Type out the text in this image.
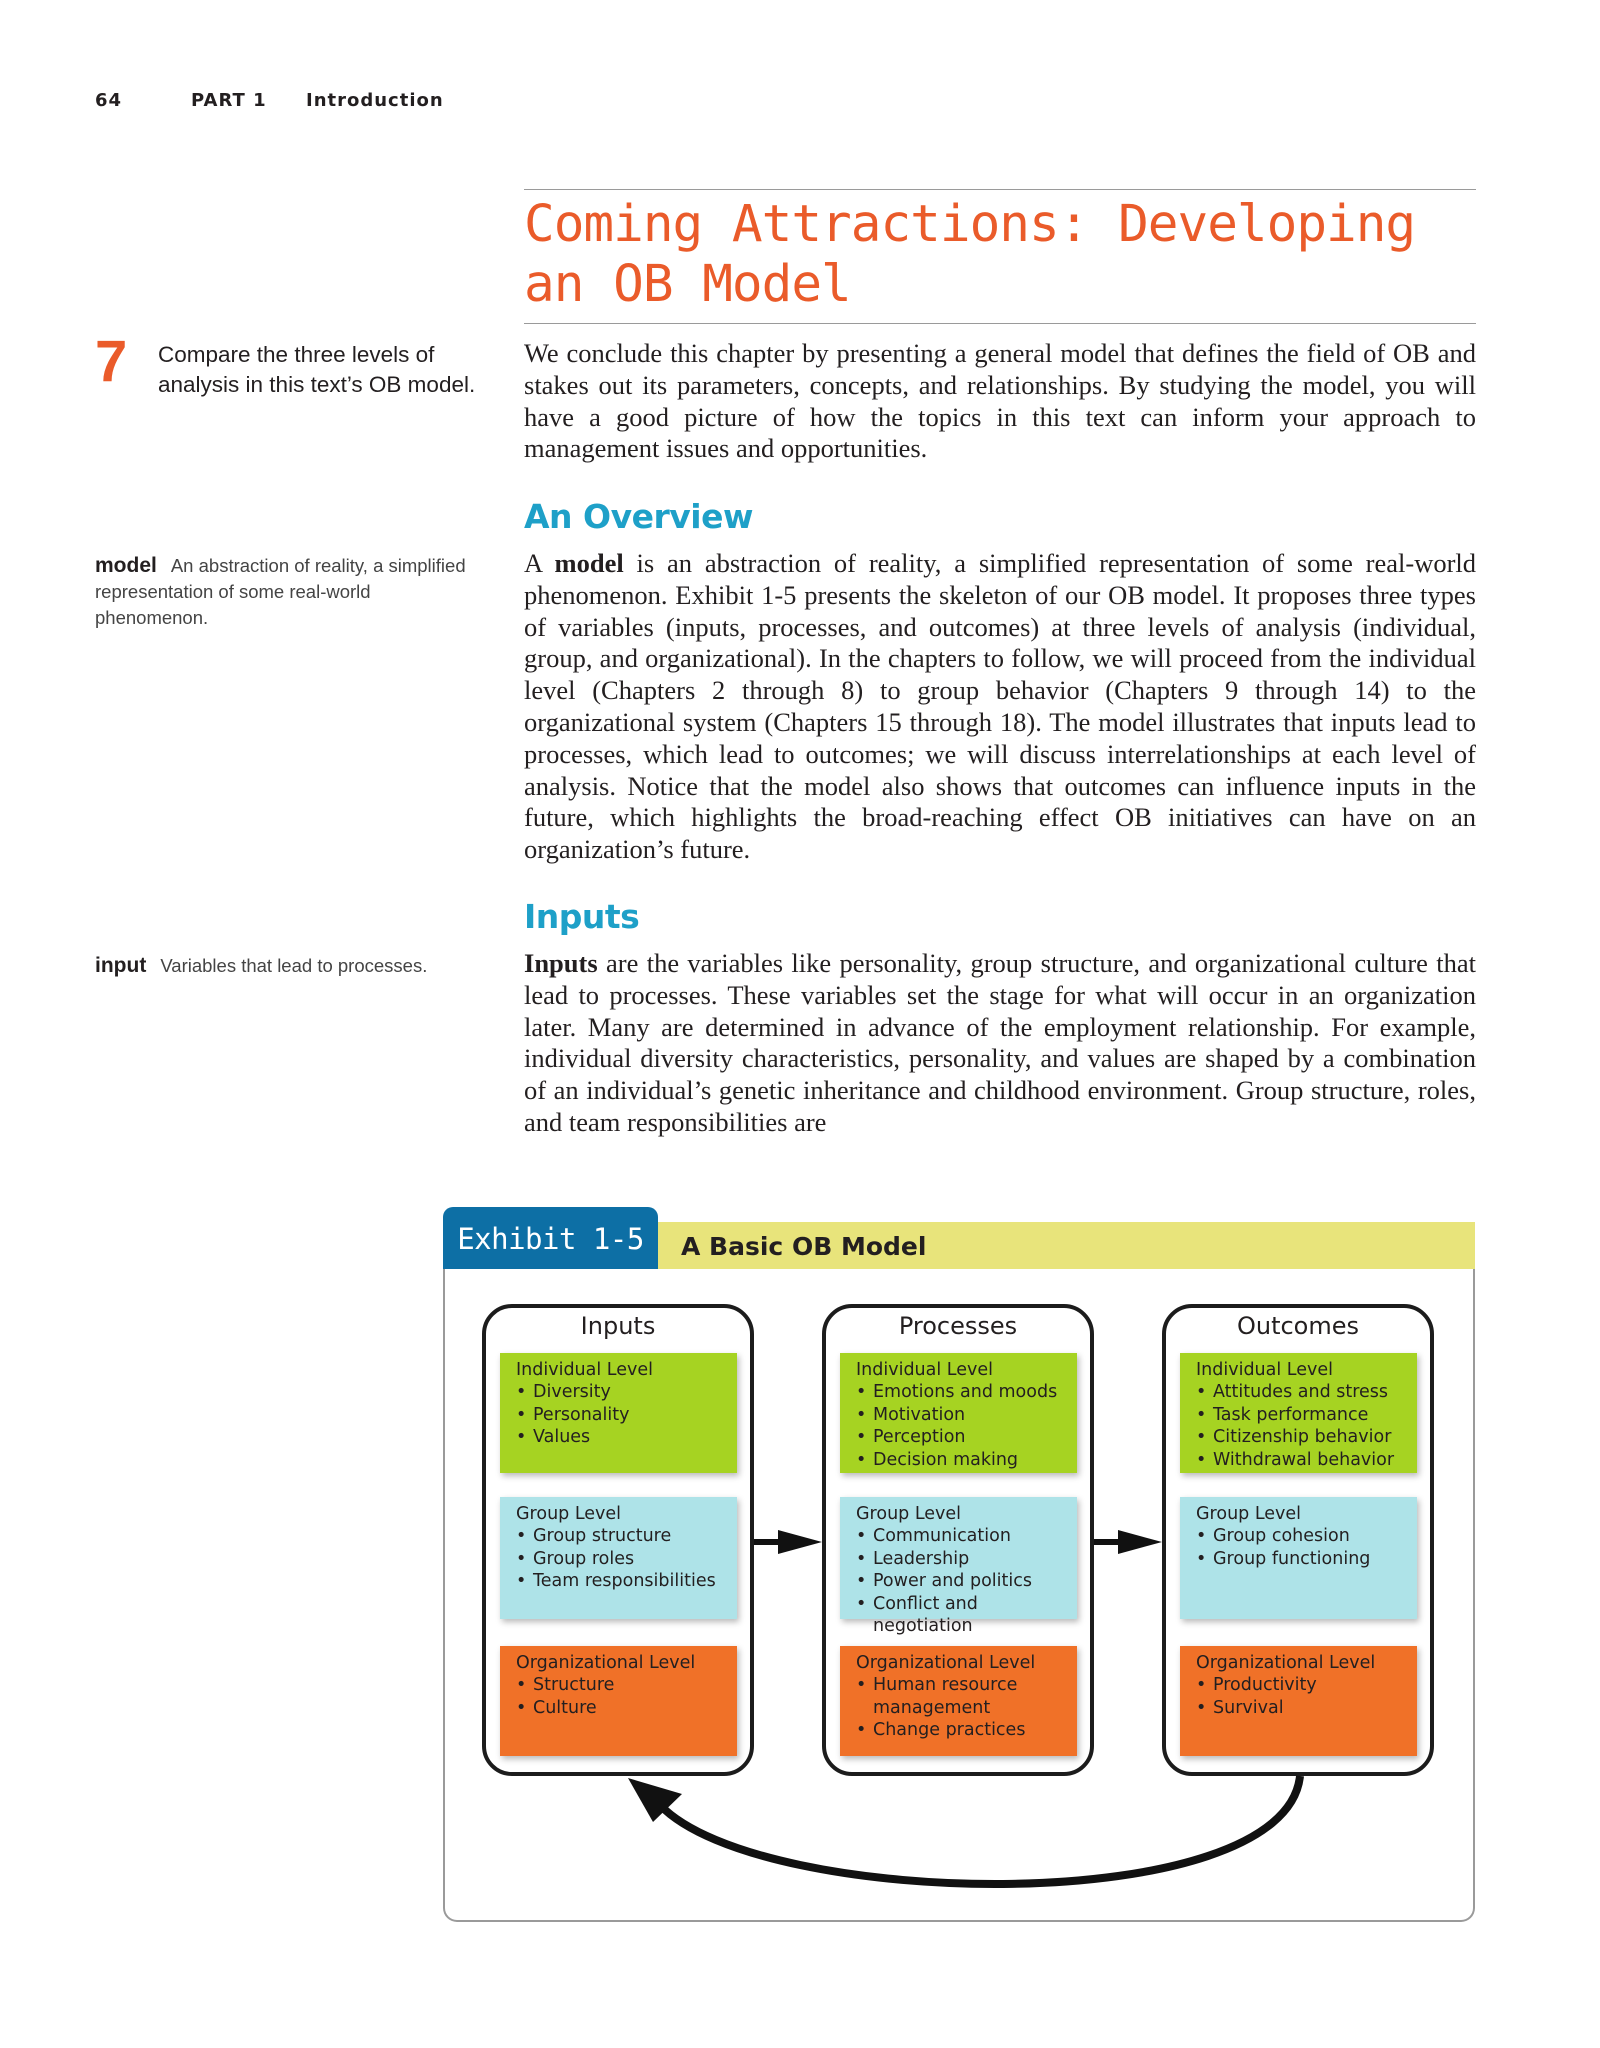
64	PART 1 Introduction
Coming Attractions: Developing
an OB Model
7 Compare the three levels of analysis in this text’s OB model.
We conclude this chapter by presenting a general model that defines the field of OB and stakes out its parameters, concepts, and relationships. By studying the model, you will have a good picture of how the topics in this text can inform your approach to management issues and opportunities.
An Overview
model An abstraction of reality, a simplified representation of some real-world phenomenon.
A model is an abstraction of reality, a simplified representation of some real-world phenomenon. Exhibit 1-5 presents the skeleton of our OB model. It proposes three types of variables (inputs, processes, and outcomes) at three levels of analysis (individual, group, and organizational). In the chapters to follow, we will proceed from the individual level (Chapters 2 through 8) to group behavior (Chapters 9 through 14) to the organizational system (Chapters 15 through 18). The model illustrates that inputs lead to processes, which lead to outcomes; we will discuss interrelationships at each level of analysis. Notice that the model also shows that outcomes can influence inputs in the future, which highlights the broad-reaching effect OB initiatives can have on an organization’s future.
Inputs
input Variables that lead to processes.	Inputs are the variables like personality, group structure, and organizational culture that lead to processes. These variables set the stage for what will occur in an organization later. Many are determined in advance of the employment relationship. For example, individual diversity characteristics, personality, and values are shaped by a combination of an individual’s genetic inheritance and childhood environment. Group structure, roles, and team responsibilities are
Exhibit 1-5	A Basic OB Model
Inputs
Individual Level
• Diversity
• Personality
• Values
Group Level
• Group structure
• Group roles
• Team responsibilities
Organizational Level
• Structure
• Culture
Processes
Individual Level
• Emotions and moods
• Motivation
• Perception
• Decision making
Group Level
• Communication
• Leadership
• Power and politics
• Conflict and negotiation
Organizational Level
• Human resource management
• Change practices
Outcomes
Individual Level
• Attitudes and stress
• Task performance
• Citizenship behavior
• Withdrawal behavior
Group Level
• Group cohesion
• Group functioning
Organizational Level
• Productivity
• Survival
